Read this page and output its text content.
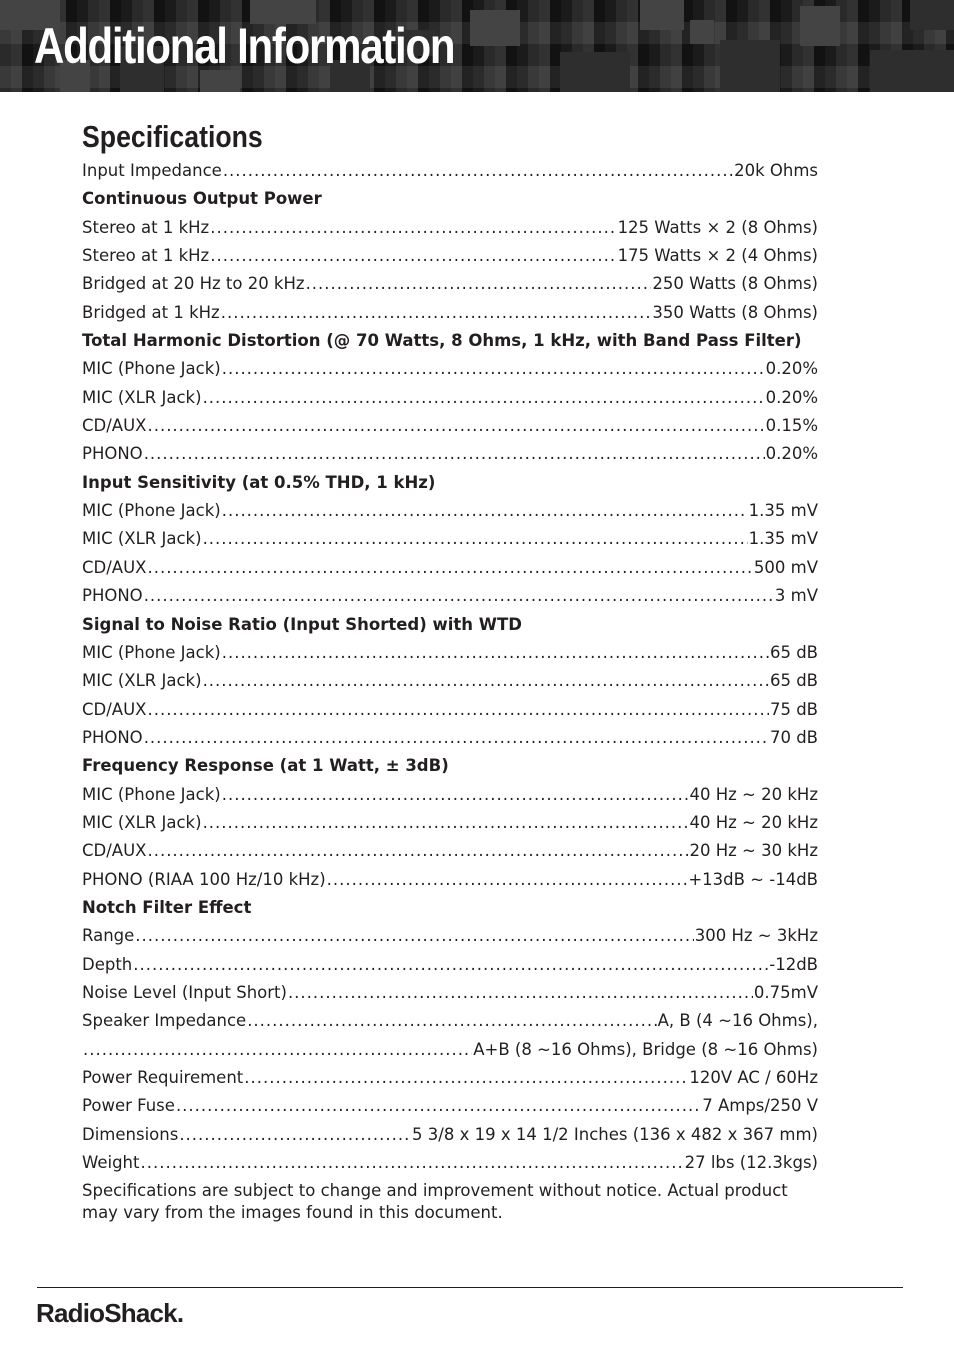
Additional Information
Specifications
Input Impedance .....	20k Ohms
Continuous Output Power
Stereo at 1 kHz .....	125 Watts × 2 (8 Ohms)
Stereo at 1 kHz .....	175 Watts × 2 (4 Ohms)
Bridged at 20 Hz to 20 kHz .....	250 Watts (8 Ohms)
Bridged at 1 kHz .....	350 Watts (8 Ohms)
Total Harmonic Distortion (@ 70 Watts, 8 Ohms, 1 kHz, with Band Pass Filter)
MIC (Phone Jack) .....	0.20%
MIC (XLR Jack) .....	0.20%
CD/AUX .....	0.15%
PHONO .....	0.20%
Input Sensitivity (at 0.5% THD, 1 kHz)
MIC (Phone Jack) .....	1.35 mV
MIC (XLR Jack) .....	1.35 mV
CD/AUX .....	500 mV
PHONO .....	3 mV
Signal to Noise Ratio (Input Shorted) with WTD
MIC (Phone Jack) .....	65 dB
MIC (XLR Jack) .....	65 dB
CD/AUX .....	75 dB
PHONO .....	70 dB
Frequency Response (at 1 Watt, ± 3dB)
MIC (Phone Jack) .....	40 Hz ~ 20 kHz
MIC (XLR Jack) .....	40 Hz ~ 20 kHz
CD/AUX .....	20 Hz ~ 30 kHz
PHONO (RIAA 100 Hz/10 kHz) .....	+13dB ~ -14dB
Notch Filter Effect
Range .....	300 Hz ~ 3kHz
Depth .....	-12dB
Noise Level (Input Short) .....	0.75mV
Speaker Impedance .....	A, B (4 ~16 Ohms),
.....
A+B (8 ~16 Ohms), Bridge (8 ~16 Ohms)
Power Requirement .....	120V AC / 60Hz
Power Fuse .....	7 Amps/250 V
Dimensions .....	5 3/8 x 19 x 14 1/2 Inches (136 x 482 x 367 mm)
Weight .....	27 lbs (12.3kgs)
Specifications are subject to change and improvement without notice. Actual product may vary from the images found in this document.
RadioShack.
